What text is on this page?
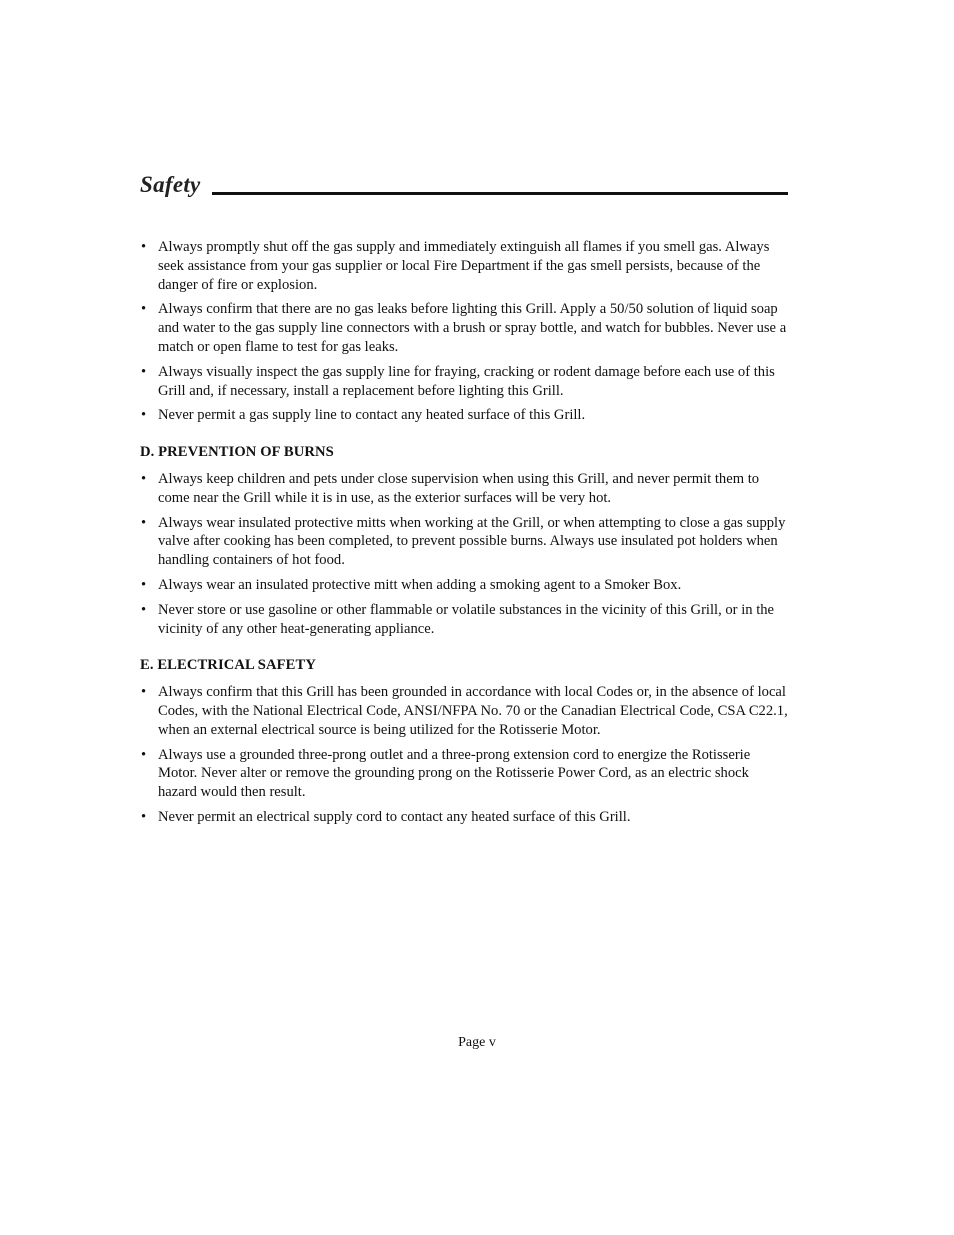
Safety
• Always promptly shut off the gas supply and immediately extinguish all flames if you smell gas. Always seek assistance from your gas supplier or local Fire Department if the gas smell persists, because of the danger of fire or explosion.
• Always confirm that there are no gas leaks before lighting this Grill. Apply a 50/50 solution of liquid soap and water to the gas supply line connectors with a brush or spray bottle, and watch for bubbles. Never use a match or open flame to test for gas leaks.
• Always visually inspect the gas supply line for fraying, cracking or rodent damage before each use of this Grill and, if necessary, install a replacement before lighting this Grill.
• Never permit a gas supply line to contact any heated surface of this Grill.
D. PREVENTION OF BURNS
• Always keep children and pets under close supervision when using this Grill, and never permit them to come near the Grill while it is in use, as the exterior surfaces will be very hot.
• Always wear insulated protective mitts when working at the Grill, or when attempting to close a gas supply valve after cooking has been completed, to prevent possible burns. Always use insulated pot holders when handling containers of hot food.
• Always wear an insulated protective mitt when adding a smoking agent to a Smoker Box.
• Never store or use gasoline or other flammable or volatile substances in the vicinity of this Grill, or in the vicinity of any other heat-generating appliance.
E. ELECTRICAL SAFETY
• Always confirm that this Grill has been grounded in accordance with local Codes or, in the absence of local Codes, with the National Electrical Code, ANSI/NFPA No. 70 or the Canadian Electrical Code, CSA C22.1, when an external electrical source is being utilized for the Rotisserie Motor.
• Always use a grounded three-prong outlet and a three-prong extension cord to energize the Rotisserie Motor. Never alter or remove the grounding prong on the Rotisserie Power Cord, as an electric shock hazard would then result.
• Never permit an electrical supply cord to contact any heated surface of this Grill.
Page v
